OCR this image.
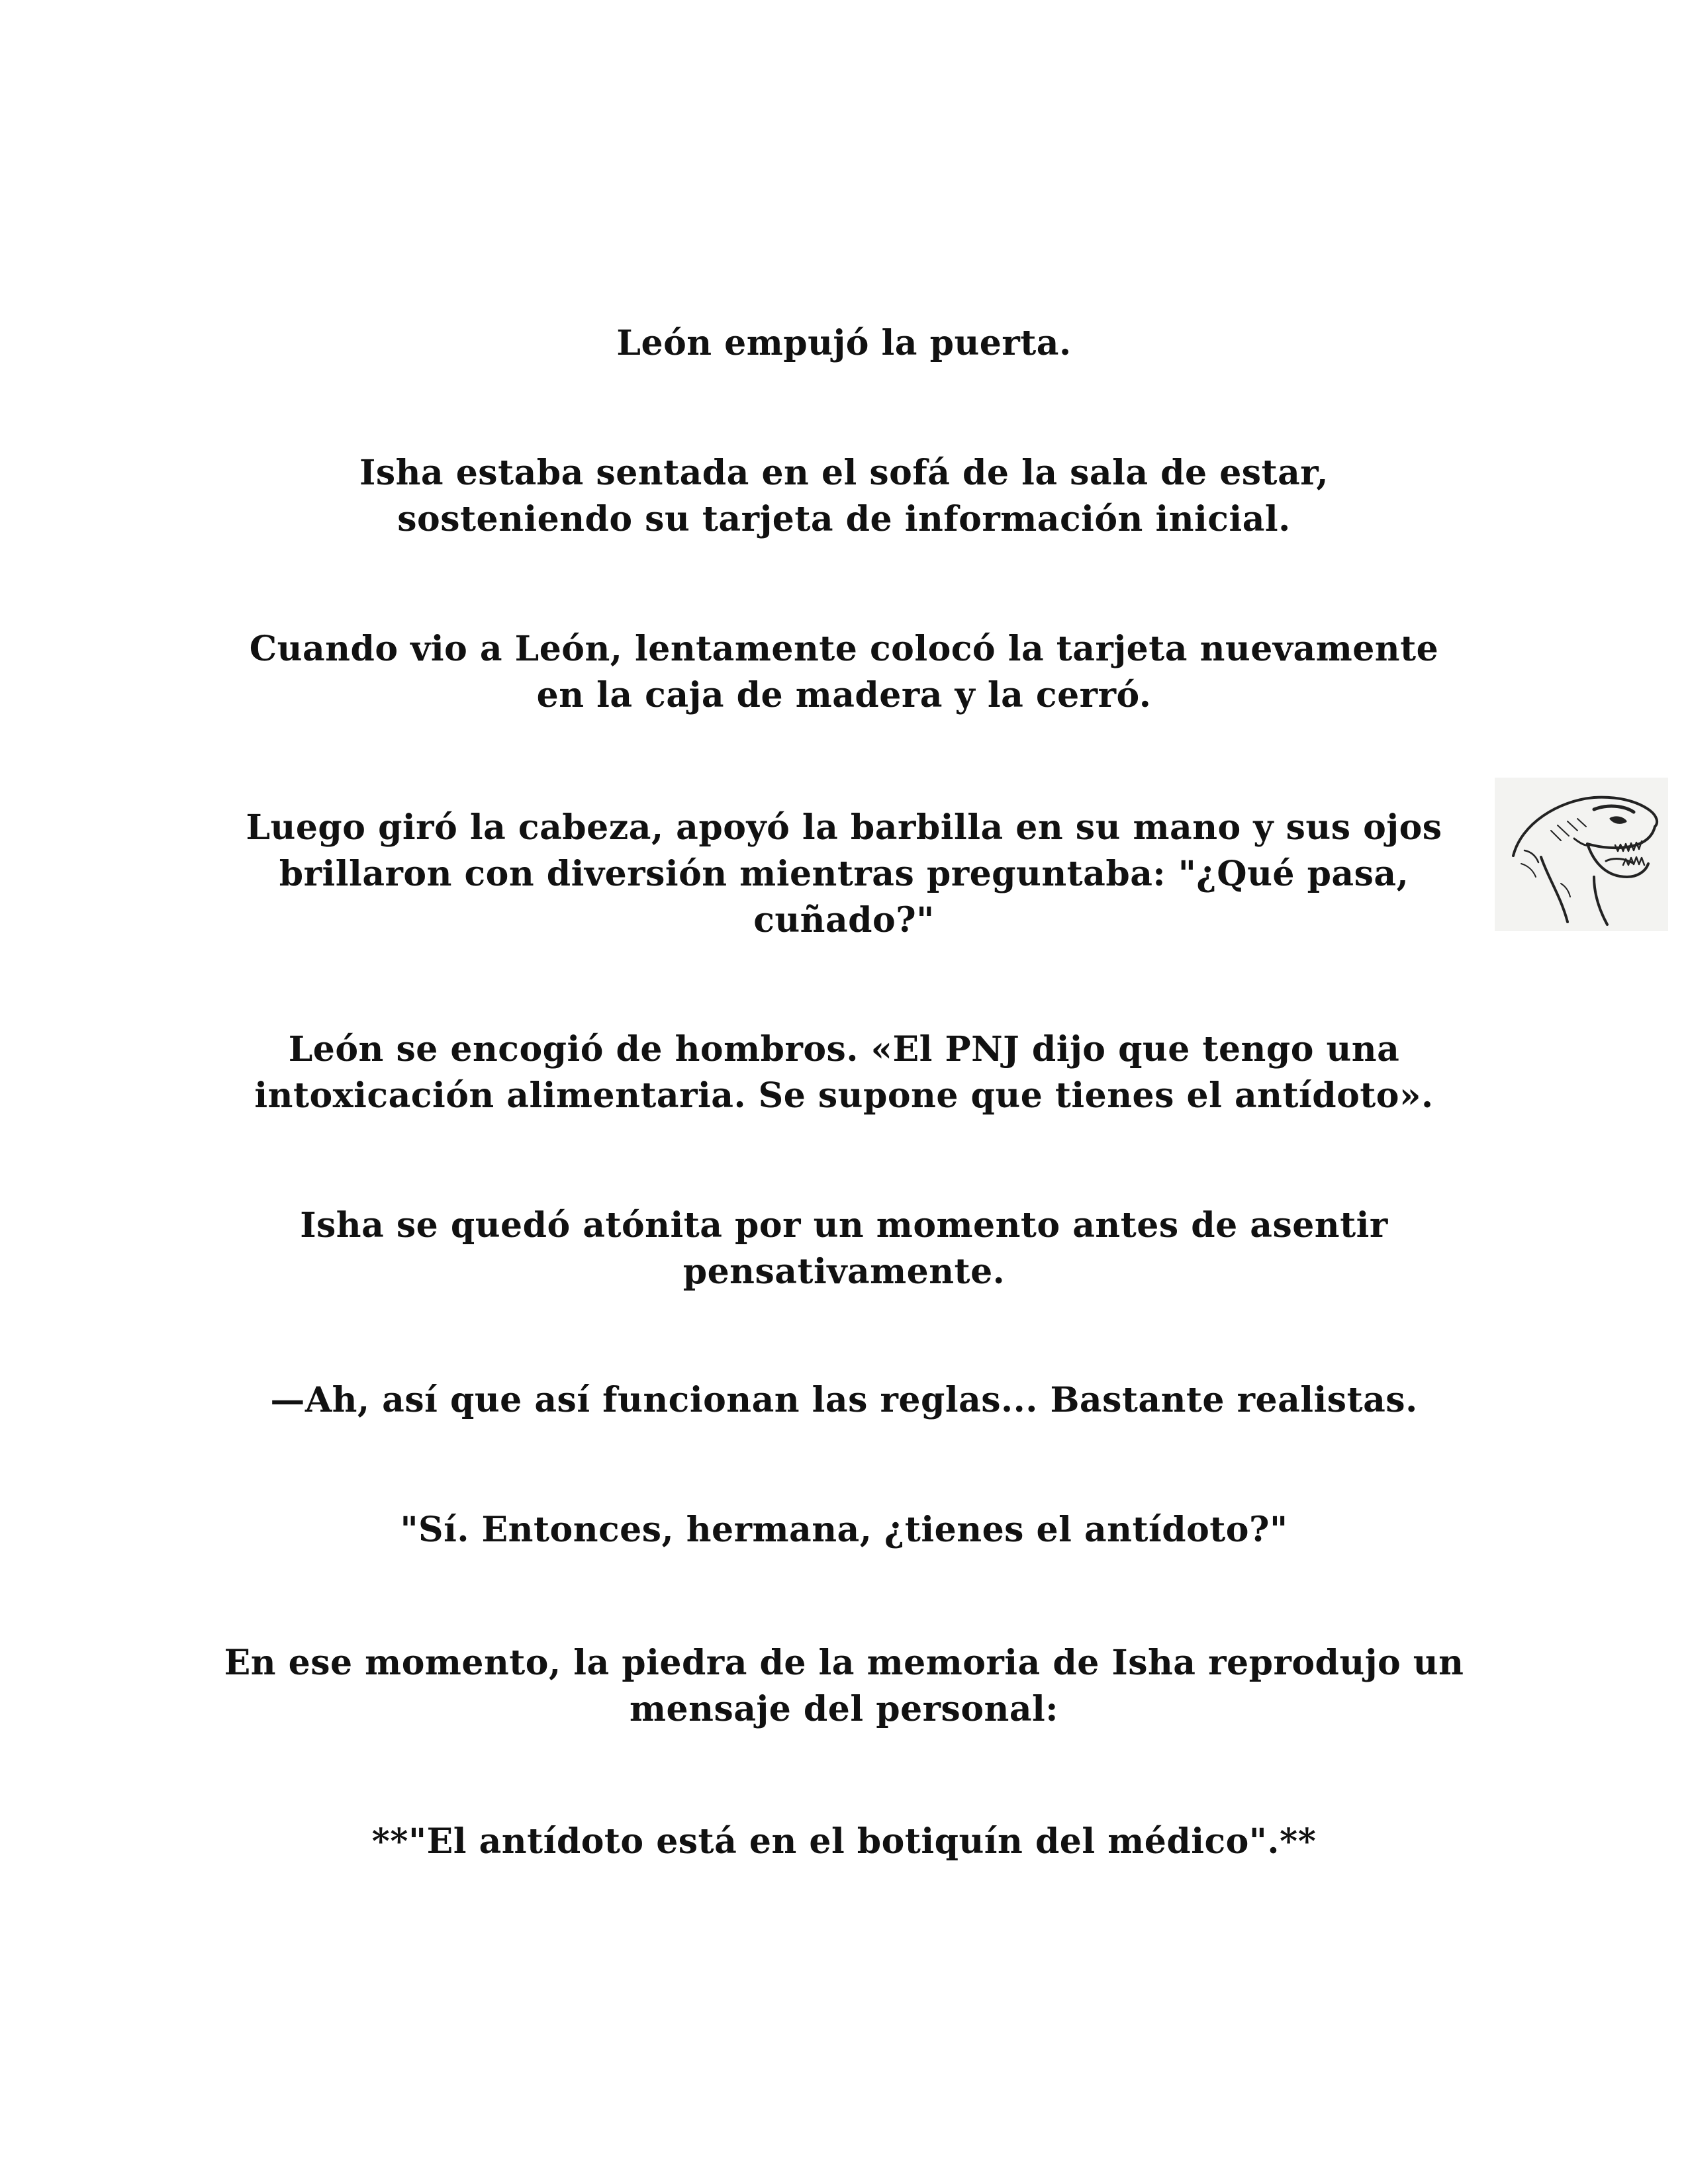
León empujó la puerta.

Isha estaba sentada en el sofá de la sala de estar, sosteniendo su tarjeta de información inicial.

Cuando vio a León, lentamente colocó la tarjeta nuevamente en la caja de madera y la cerró.

Luego giró la cabeza, apoyó la barbilla en su mano y sus ojos brillaron con diversión mientras preguntaba: "¿Qué pasa, cuñado?"

León se encogió de hombros. «El PNJ dijo que tengo una intoxicación alimentaria. Se supone que tienes el antídoto».

Isha se quedó atónita por un momento antes de asentir pensativamente.

—Ah, así que así funcionan las reglas... Bastante realistas.

"Sí. Entonces, hermana, ¿tienes el antídoto?"

En ese momento, la piedra de la memoria de Isha reprodujo un mensaje del personal:

**"El antídoto está en el botiquín del médico".**
